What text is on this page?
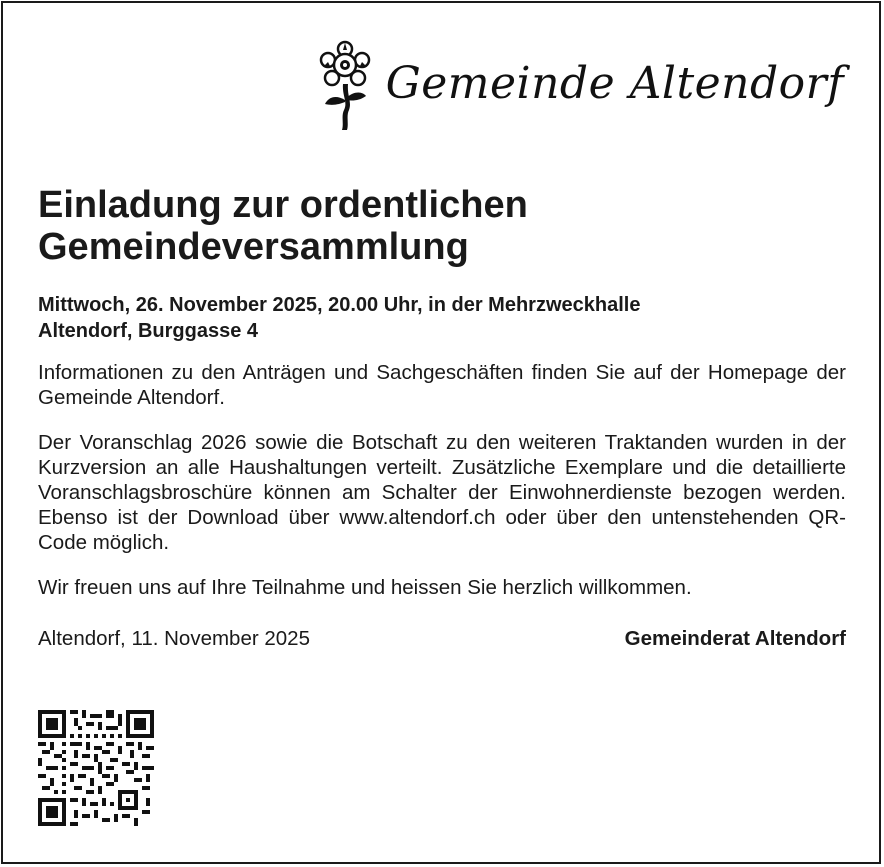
Gemeinde Altendorf
Einladung zur ordentlichen
Gemeindeversammlung

Mittwoch, 26. November 2025, 20.00 Uhr, in der Mehrzweckhalle
Altendorf, Burggasse 4

Informationen zu den Anträgen und Sachgeschäften finden Sie auf der Homepage der Gemeinde Altendorf.

Der Voranschlag 2026 sowie die Botschaft zu den weiteren Traktanden wurden in der Kurzversion an alle Haushaltungen verteilt. Zusätzliche Exemplare und die detaillierte Voranschlagsbroschüre können am Schalter der Einwohnerdienste bezogen werden. Ebenso ist der Download über www.altendorf.ch oder über den untenstehenden QR-Code möglich.

Wir freuen uns auf Ihre Teilnahme und heissen Sie herzlich willkommen.

Altendorf, 11. November 2025	Gemeinderat Altendorf
